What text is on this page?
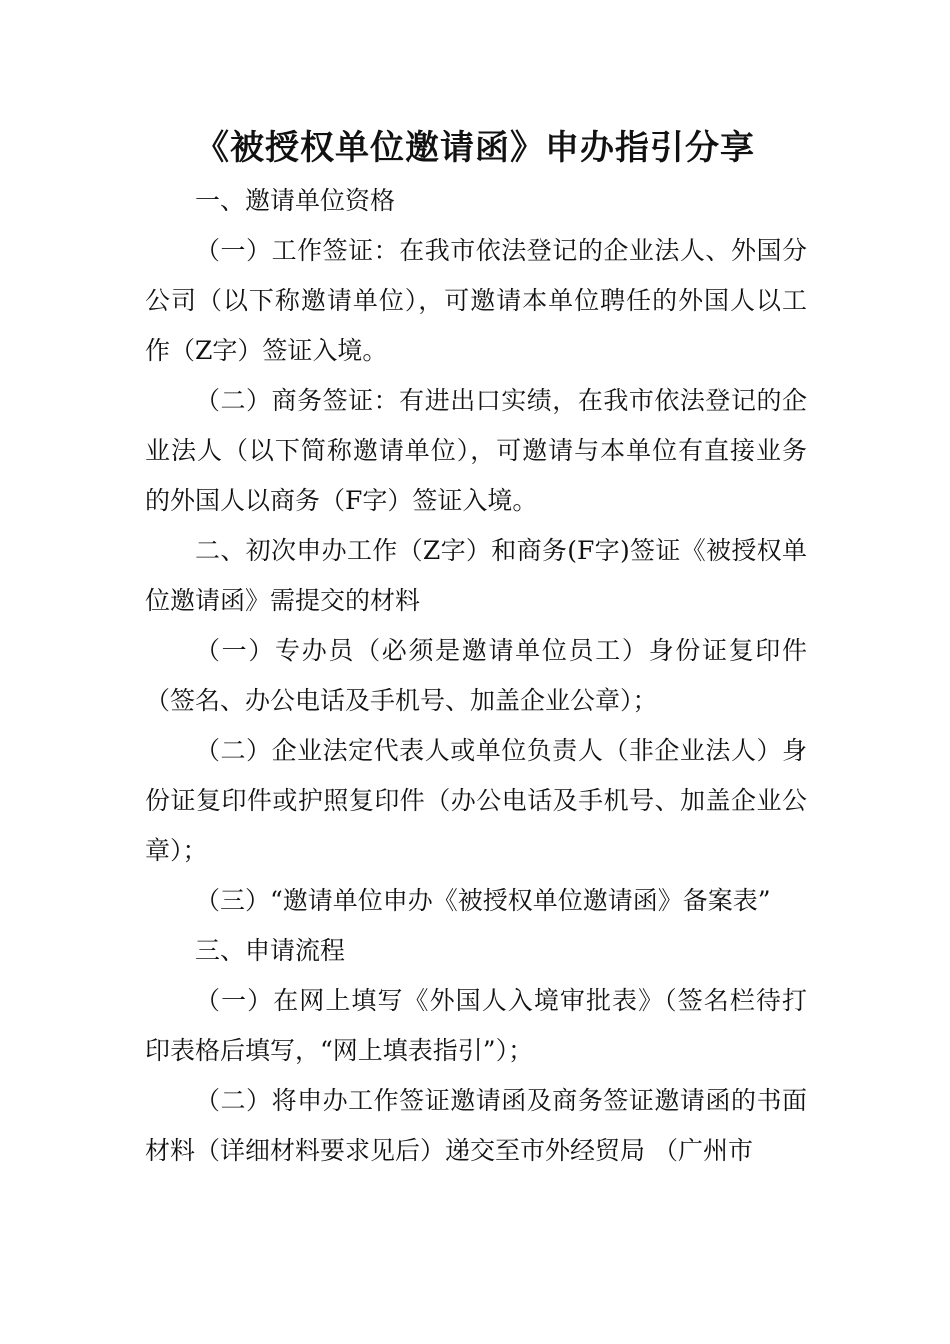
《被授权单位邀请函》申办指引分享

一、邀请单位资格

（一）工作签证：在我市依法登记的企业法人、外国分公司（以下称邀请单位），可邀请本单位聘任的外国人以工作（Z字）签证入境。

（二）商务签证：有进出口实绩，在我市依法登记的企业法人（以下简称邀请单位），可邀请与本单位有直接业务的外国人以商务（F字）签证入境。

二、初次申办工作（Z字）和商务(F字)签证《被授权单位邀请函》需提交的材料

（一）专办员（必须是邀请单位员工）身份证复印件（签名、办公电话及手机号、加盖企业公章）；

（二）企业法定代表人或单位负责人（非企业法人）身份证复印件或护照复印件（办公电话及手机号、加盖企业公章）；

（三）“邀请单位申办《被授权单位邀请函》备案表”

三、申请流程

（一）在网上填写《外国人入境审批表》（签名栏待打印表格后填写，“网上填表指引”）；

（二）将申办工作签证邀请函及商务签证邀请函的书面材料（详细材料要求见后）递交至市外经贸局 （广州市
